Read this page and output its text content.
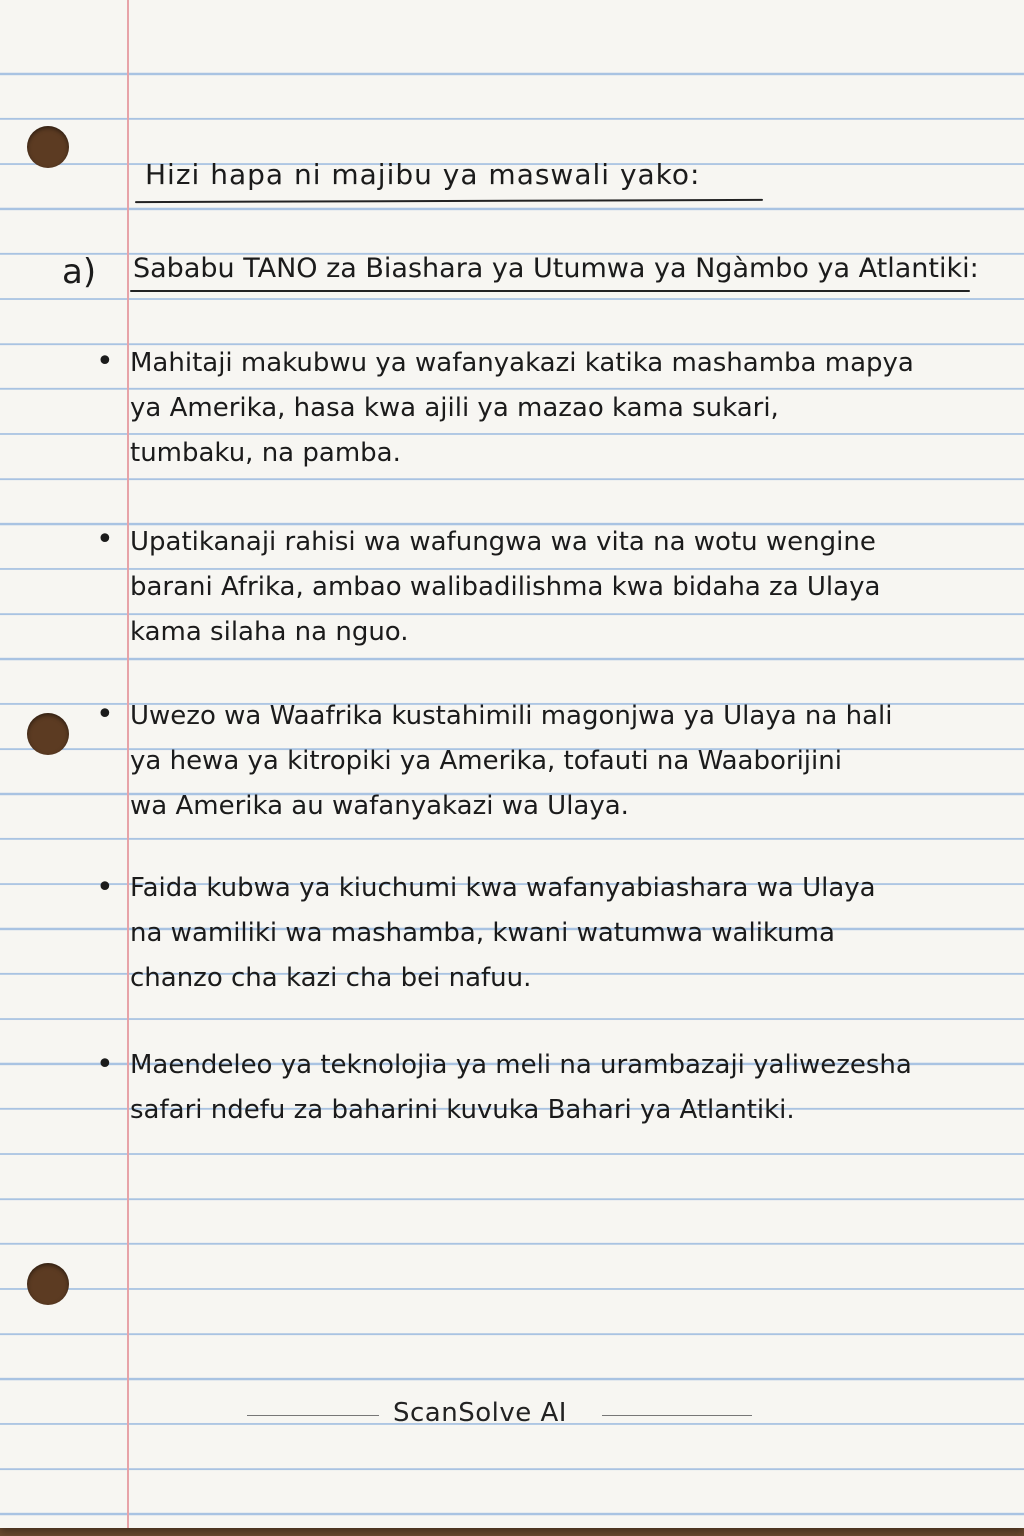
Hizi hapa ni majibu ya maswali yako:
a) Sababu TANO za Biashara ya Utumwa ya Ngàmbo ya Atlantiki:
• Mahitaji makubwu ya wafanyakazi katika mashamba mapya
ya Amerika, hasa kwa ajili ya mazao kama sukari,
tumbaku, na pamba.
• Upatikanaji rahisi wa wafungwa wa vita na wotu wengine
barani Afrika, ambao walibadilishma kwa bidaha za Ulaya
kama silaha na nguo.
• Uwezo wa Waafrika kustahimili magonjwa ya Ulaya na hali
ya hewa ya kitropiki ya Amerika, tofauti na Waaborijini
wa Amerika au wafanyakazi wa Ulaya.
• Faida kubwa ya kiuchumi kwa wafanyabiashara wa Ulaya
na wamiliki wa mashamba, kwani watumwa walikuma
chanzo cha kazi cha bei nafuu.
• Maendeleo ya teknolojia ya meli na urambazaji yaliwezesha
safari ndefu za baharini kuvuka Bahari ya Atlantiki.
ScanSolve AI
